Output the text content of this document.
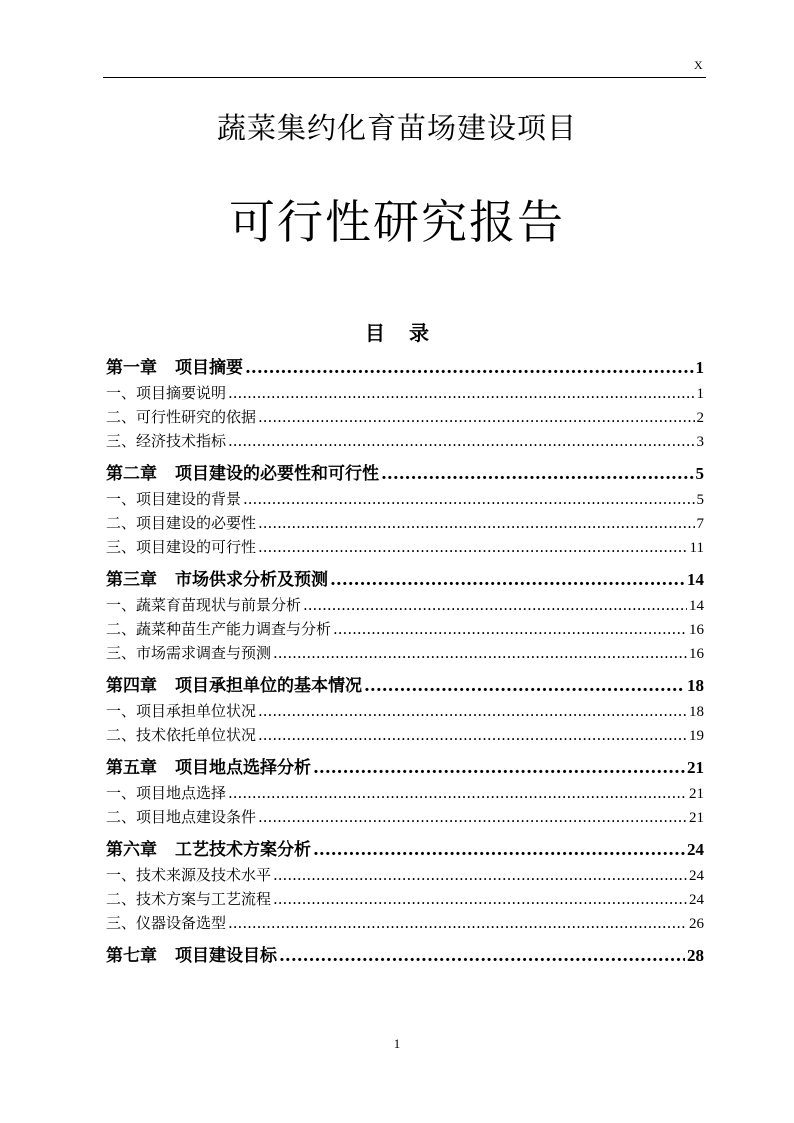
X
蔬菜集约化育苗场建设项目
可行性研究报告
目录
第一章 项目摘要 .....	1
一、项目摘要说明 .....	1
二、可行性研究的依据 .....	2
三、经济技术指标 .....	3
第二章 项目建设的必要性和可行性 .....	5
一、项目建设的背景 .....	5
二、项目建设的必要性 .....	7
三、项目建设的可行性 .....	11
第三章 市场供求分析及预测 .....	14
一、蔬菜育苗现状与前景分析 .....	14
二、蔬菜种苗生产能力调查与分析 .....	16
三、市场需求调查与预测 .....	16
第四章 项目承担单位的基本情况 .....	18
一、项目承担单位状况 .....	18
二、技术依托单位状况 .....	19
第五章 项目地点选择分析 .....	21
一、项目地点选择 .....	21
二、项目地点建设条件 .....	21
第六章 工艺技术方案分析 .....	24
一、技术来源及技术水平 .....	24
二、技术方案与工艺流程 .....	24
三、仪器设备选型 .....	26
第七章 项目建设目标 .....	28
1
